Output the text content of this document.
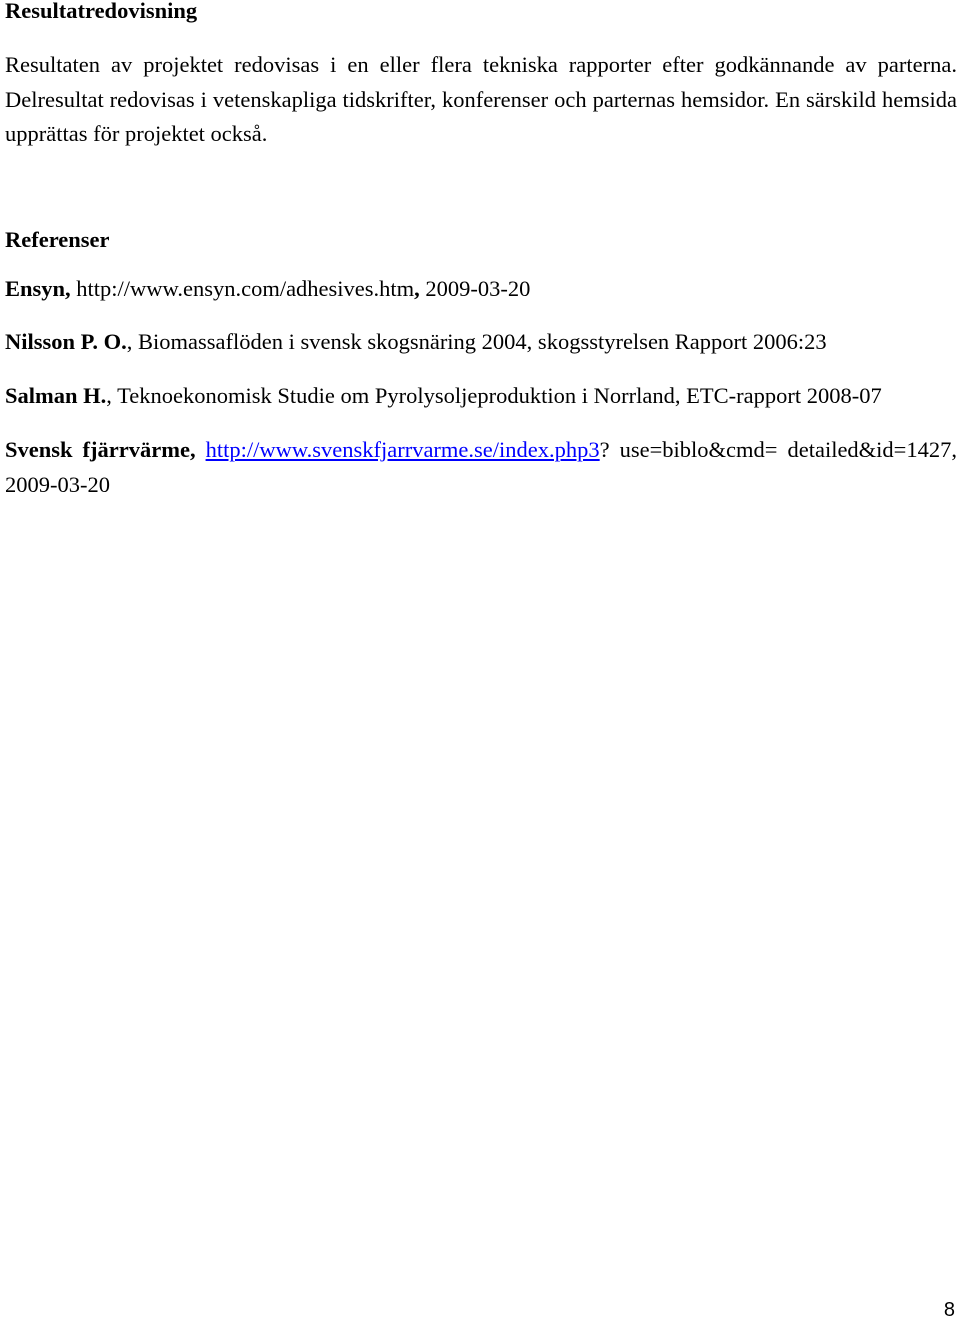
Resultatredovisning

Resultaten av projektet redovisas i en eller flera tekniska rapporter efter godkännande av parterna. Delresultat redovisas i vetenskapliga tidskrifter, konferenser och parternas hemsidor. En särskild hemsida upprättas för projektet också.

Referenser

Ensyn, http://www.ensyn.com/adhesives.htm, 2009-03-20

Nilsson P. O., Biomassaflöden i svensk skogsnäring 2004, skogsstyrelsen Rapport 2006:23

Salman H., Teknoekonomisk Studie om Pyrolysoljeproduktion i Norrland, ETC-rapport 2008-07

Svensk fjärrvärme, http://www.svenskfjarrvarme.se/index.php3? use=biblo&cmd= detailed&id=1427, 2009-03-20

8
